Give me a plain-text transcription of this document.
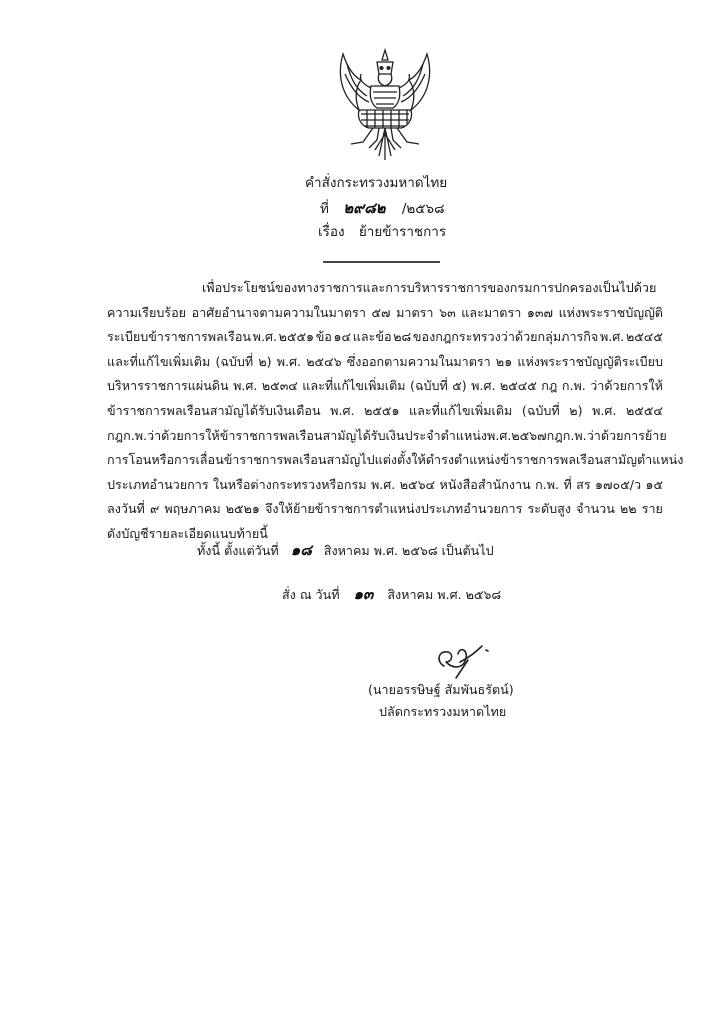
คำสั่งกระทรวงมหาดไทย
ที่ ๒๙๘๒ /๒๕๖๘
เรื่อง ย้ายข้าราชการ
เพื่อประโยชน์ของทางราชการและการบริหารราชการของกรมการปกครองเป็นไปด้วย
ความเรียบร้อย อาศัยอำนาจตามความในมาตรา ๕๗ มาตรา ๖๓ และมาตรา ๑๓๗ แห่งพระราชบัญญัติ
ระเบียบข้าราชการพลเรือน พ.ศ. ๒๕๕๑ ข้อ ๑๔ และข้อ ๒๘ ของกฎกระทรวงว่าด้วยกลุ่มภารกิจ พ.ศ. ๒๕๔๕
และที่แก้ไขเพิ่มเติม (ฉบับที่ ๒) พ.ศ. ๒๕๔๖ ซึ่งออกตามความในมาตรา ๒๑ แห่งพระราชบัญญัติระเบียบ
บริหารราชการแผ่นดิน พ.ศ. ๒๕๓๔ และที่แก้ไขเพิ่มเติม (ฉบับที่ ๕) พ.ศ. ๒๕๔๕ กฎ ก.พ. ว่าด้วยการให้
ข้าราชการพลเรือนสามัญได้รับเงินเดือน พ.ศ. ๒๕๕๑ และที่แก้ไขเพิ่มเติม (ฉบับที่ ๒) พ.ศ. ๒๕๕๔
กฎ ก.พ. ว่าด้วยการให้ข้าราชการพลเรือนสามัญได้รับเงินประจำตำแหน่ง พ.ศ. ๒๕๖๗ กฎ ก.พ. ว่าด้วยการย้าย
การโอน หรือการเลื่อนข้าราชการพลเรือนสามัญไปแต่งตั้งให้ดำรงตำแหน่งข้าราชการพลเรือนสามัญตำแหน่ง
ประเภทอำนวยการ ในหรือต่างกระทรวงหรือกรม พ.ศ. ๒๕๖๔ หนังสือสำนักงาน ก.พ. ที่ สร ๑๗๐๕/ว ๑๕
ลงวันที่ ๙ พฤษภาคม ๒๕๒๑ จึงให้ย้ายข้าราชการตำแหน่งประเภทอำนวยการ ระดับสูง จำนวน ๒๒ ราย
ดังบัญชีรายละเอียดแนบท้ายนี้
ทั้งนี้ ตั้งแต่วันที่ ๑๘ สิงหาคม พ.ศ. ๒๕๖๘ เป็นต้นไป
สั่ง ณ วันที่ ๑๓ สิงหาคม พ.ศ. ๒๕๖๘
(นายอรรษิษฐ์ สัมพันธรัตน์)
ปลัดกระทรวงมหาดไทย
